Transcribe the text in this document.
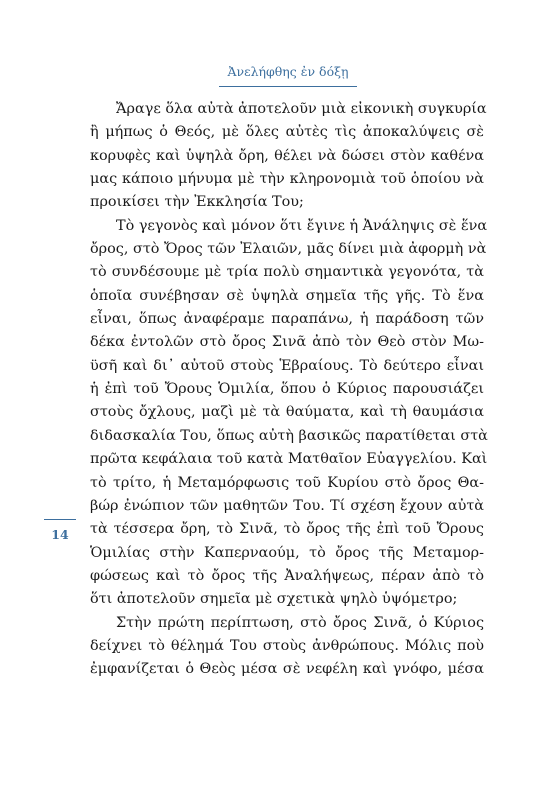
Ἀνελήφθης ἐν δόξῃ
Ἄραγε ὅλα αὐτὰ ἀποτελοῦν μιὰ εἰκονικὴ συγκυρία
ἢ μήπως ὁ Θεός, μὲ ὅλες αὐτὲς τὶς ἀποκαλύψεις σὲ
κορυφὲς καὶ ὑψηλὰ ὄρη, θέλει νὰ δώσει στὸν καθένα
μας κάποιο μήνυμα μὲ τὴν κληρονομιὰ τοῦ ὁποίου νὰ
προικίσει τὴν Ἐκκλησία Του;
Τὸ γεγονὸς καὶ μόνον ὅτι ἔγινε ἡ Ἀνάληψις σὲ ἕνα
ὄρος, στὸ Ὄρος τῶν Ἐλαιῶν, μᾶς δίνει μιὰ ἀφορμὴ νὰ
τὸ συνδέσουμε μὲ τρία πολὺ σημαντικὰ γεγονότα, τὰ
ὁποῖα συνέβησαν σὲ ὑψηλὰ σημεῖα τῆς γῆς. Τὸ ἕνα
εἶναι, ὅπως ἀναφέραμε παραπάνω, ἡ παράδοση τῶν
δέκα ἐντολῶν στὸ ὄρος Σινᾶ ἀπὸ τὸν Θεὸ στὸν Μω-
ϋσῆ καὶ δι᾽ αὐτοῦ στοὺς Ἑβραίους. Τὸ δεύτερο εἶναι
ἡ ἐπὶ τοῦ Ὄρους Ὁμιλία, ὅπου ὁ Κύριος παρουσιάζει
στοὺς ὄχλους, μαζὶ μὲ τὰ θαύματα, καὶ τὴ θαυμάσια
διδασκαλία Του, ὅπως αὐτὴ βασικῶς παρατίθεται στὰ
πρῶτα κεφάλαια τοῦ κατὰ Ματθαῖον Εὐαγγελίου. Καὶ
τὸ τρίτο, ἡ Μεταμόρφωσις τοῦ Κυρίου στὸ ὄρος Θα-
βώρ ἐνώπιον τῶν μαθητῶν Του. Τί σχέση ἔχουν αὐτὰ
τὰ τέσσερα ὄρη, τὸ Σινᾶ, τὸ ὄρος τῆς ἐπὶ τοῦ Ὄρους
Ὁμιλίας στὴν Καπερναούμ, τὸ ὄρος τῆς Μεταμορ-
φώσεως καὶ τὸ ὄρος τῆς Ἀναλήψεως, πέραν ἀπὸ τὸ
ὅτι ἀποτελοῦν σημεῖα μὲ σχετικὰ ψηλὸ ὑψόμετρο;
Στὴν πρώτη περίπτωση, στὸ ὄρος Σινᾶ, ὁ Κύριος
δείχνει τὸ θέλημά Του στοὺς ἀνθρώπους. Μόλις ποὺ
ἐμφανίζεται ὁ Θεὸς μέσα σὲ νεφέλη καὶ γνόφο, μέσα
14
